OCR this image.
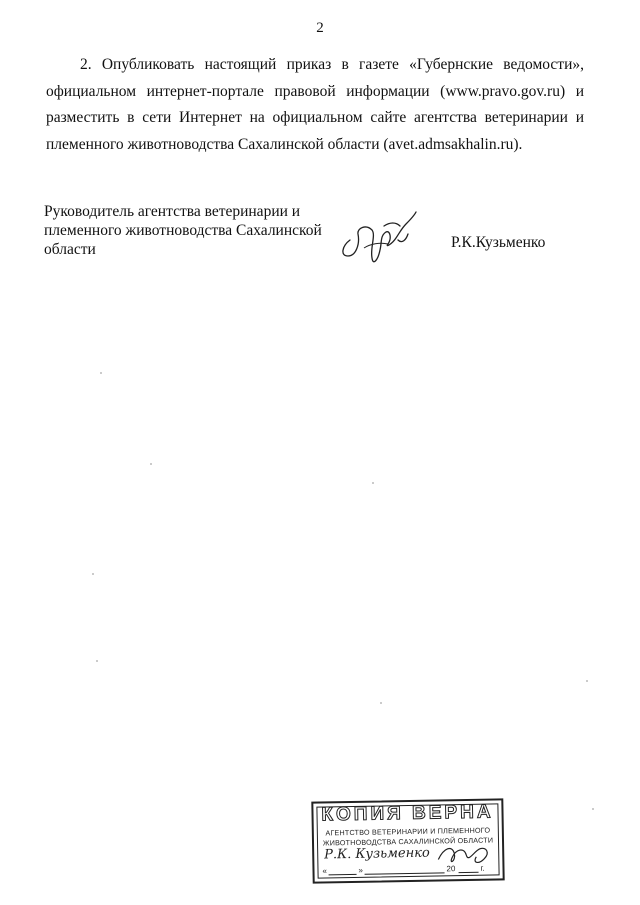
2
2. Опубликовать настоящий приказ в газете «Губернские ведомости», официальном интернет-портале правовой информации (www.pravo.gov.ru) и разместить в сети Интернет на официальном сайте агентства ветеринарии и племенного животноводства Сахалинской области (avet.admsakhalin.ru).
Руководитель агентства ветеринарии и
племенного животноводства Сахалинской
области	Р.К.Кузьменко
КОПИЯ ВЕРНА
АГЕНТСТВО ВЕТЕРИНАРИИ И ПЛЕМЕННОГО
ЖИВОТНОВОДСТВА САХАЛИНСКОЙ ОБЛАСТИ
Р.К. Кузьменко
«	»	20	г.
